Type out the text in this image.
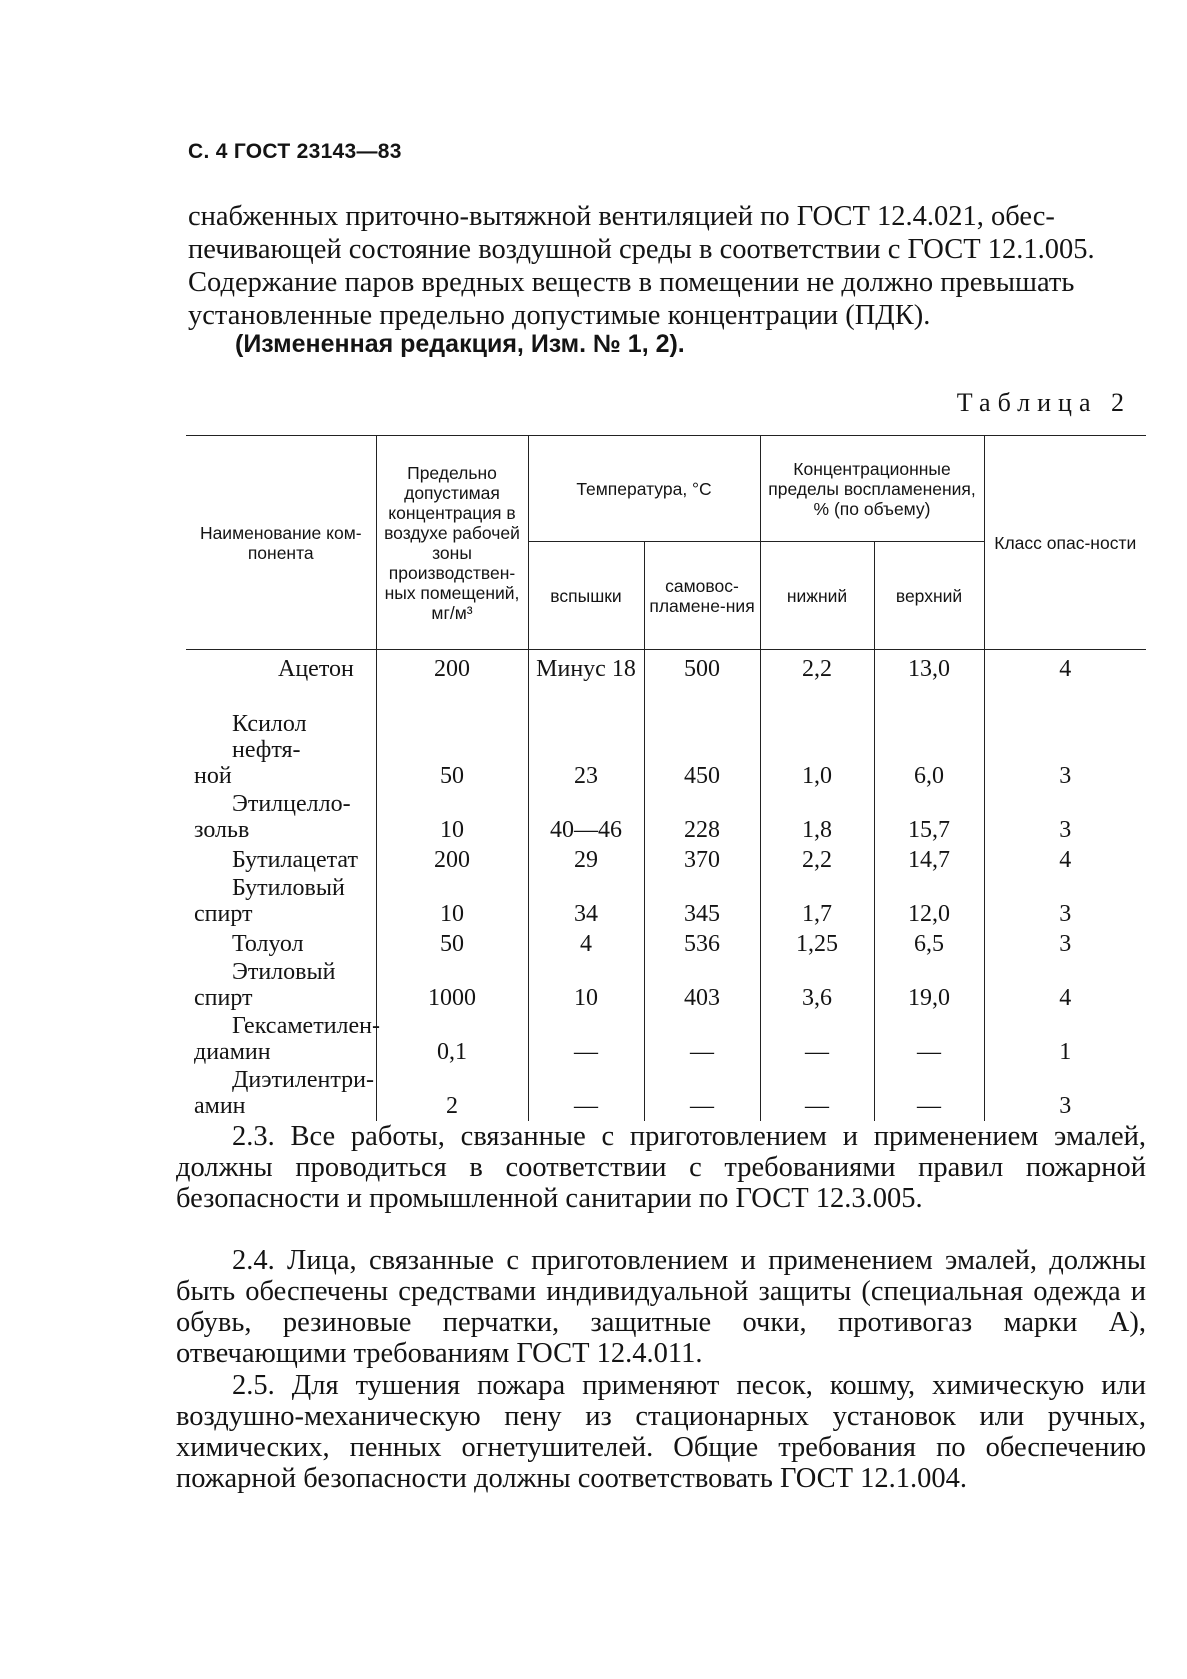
С. 4 ГОСТ 23143—83

снабженных приточно-вытяжной вентиляцией по ГОСТ 12.4.021, обес-
печивающей состояние воздушной среды в соответствии с ГОСТ 12.1.005.
Содержание паров вредных веществ в помещении не должно превышать
установленные предельно допустимые концентрации (ПДК).

(Измененная редакция, Изм. № 1, 2).
Таблица 2
Наименование ком-понента	Предельно допустимая концентрация в воздухе рабочей зоны производствен-ных помещений, мг/м³	Температура, °С		Концентрационные пределы воспламенения, % (по объему)		Класс опас-ности
		вспышки	самовос-пламене-ния	нижний	верхний	

Ацетон	200	Минус 18	500	2,2	13,0	4

Ксилол нефтя-
ной	50	23	450	1,0	6,0	3

Этилцелло-
зольв	10	40—46	228	1,8	15,7	3

Бутилацетат	200	29	370	2,2	14,7	4

Бутиловый
спирт	10	34	345	1,7	12,0	3

Толуол	50	4	536	1,25	6,5	3

Этиловый
спирт	1000	10	403	3,6	19,0	4

Гексаметилен-
диамин	0,1	—	—	—	—	1

Диэтилентри-
амин	2	—	—	—	—	3

2.3. Все работы, связанные с приготовлением и применением эмалей, должны проводиться в соответствии с требованиями правил пожарной безопасности и промышленной санитарии по ГОСТ 12.3.005.

2.4. Лица, связанные с приготовлением и применением эмалей, должны быть обеспечены средствами индивидуальной защиты (специальная одежда и обувь, резиновые перчатки, защитные очки, противогаз марки А), отвечающими требованиям ГОСТ 12.4.011.

2.5. Для тушения пожара применяют песок, кошму, химическую или воздушно-механическую пену из стационарных установок или ручных, химических, пенных огнетушителей. Общие требования по обеспечению пожарной безопасности должны соответствовать ГОСТ 12.1.004.
